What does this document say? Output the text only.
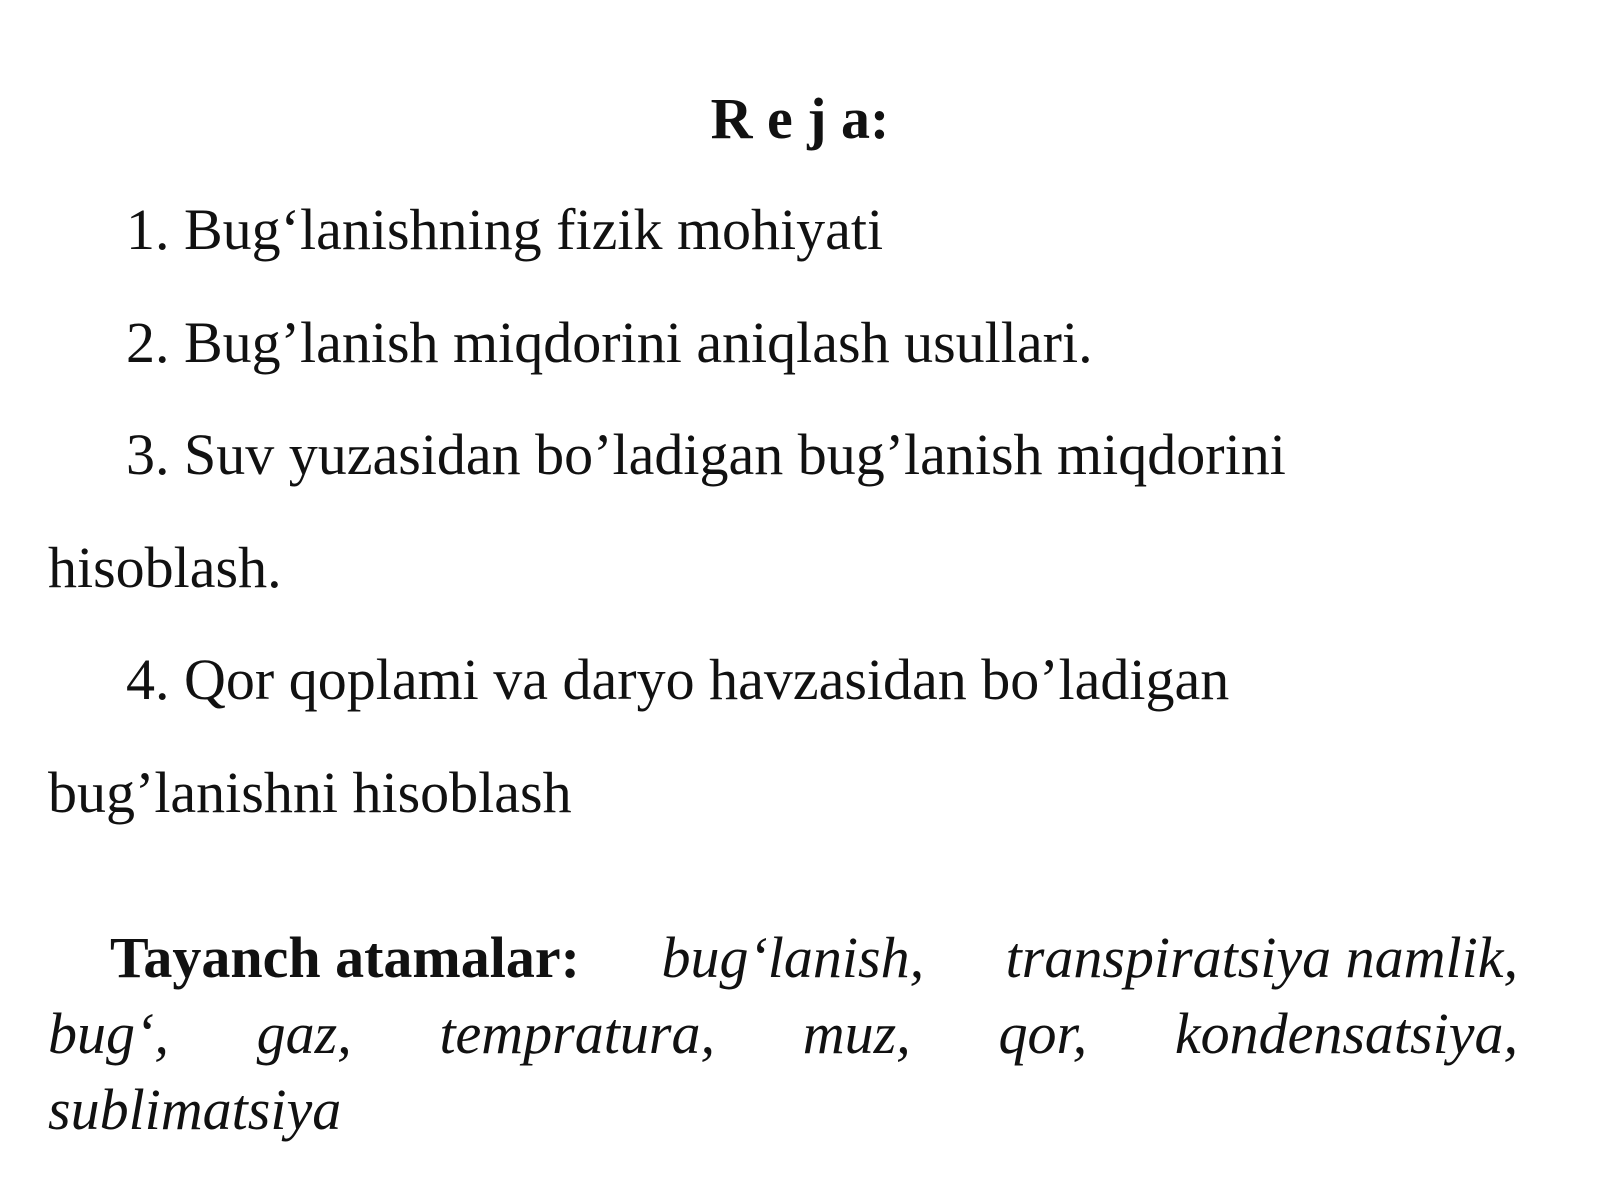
R e j a:
1. Bug‘lanishning fizik mohiyati
2. Bug’lanish miqdorini aniqlash usullari.
3. Suv yuzasidan bo’ladigan bug’lanish miqdorini
hisoblash.
4. Qor qoplami va daryo havzasidan bo’ladigan
bug’lanishni hisoblash
Tayanch atamalar: bug‘lanish, transpiratsiya namlik,
bug‘, gaz, tempratura, muz, qor, kondensatsiya,
sublimatsiya
